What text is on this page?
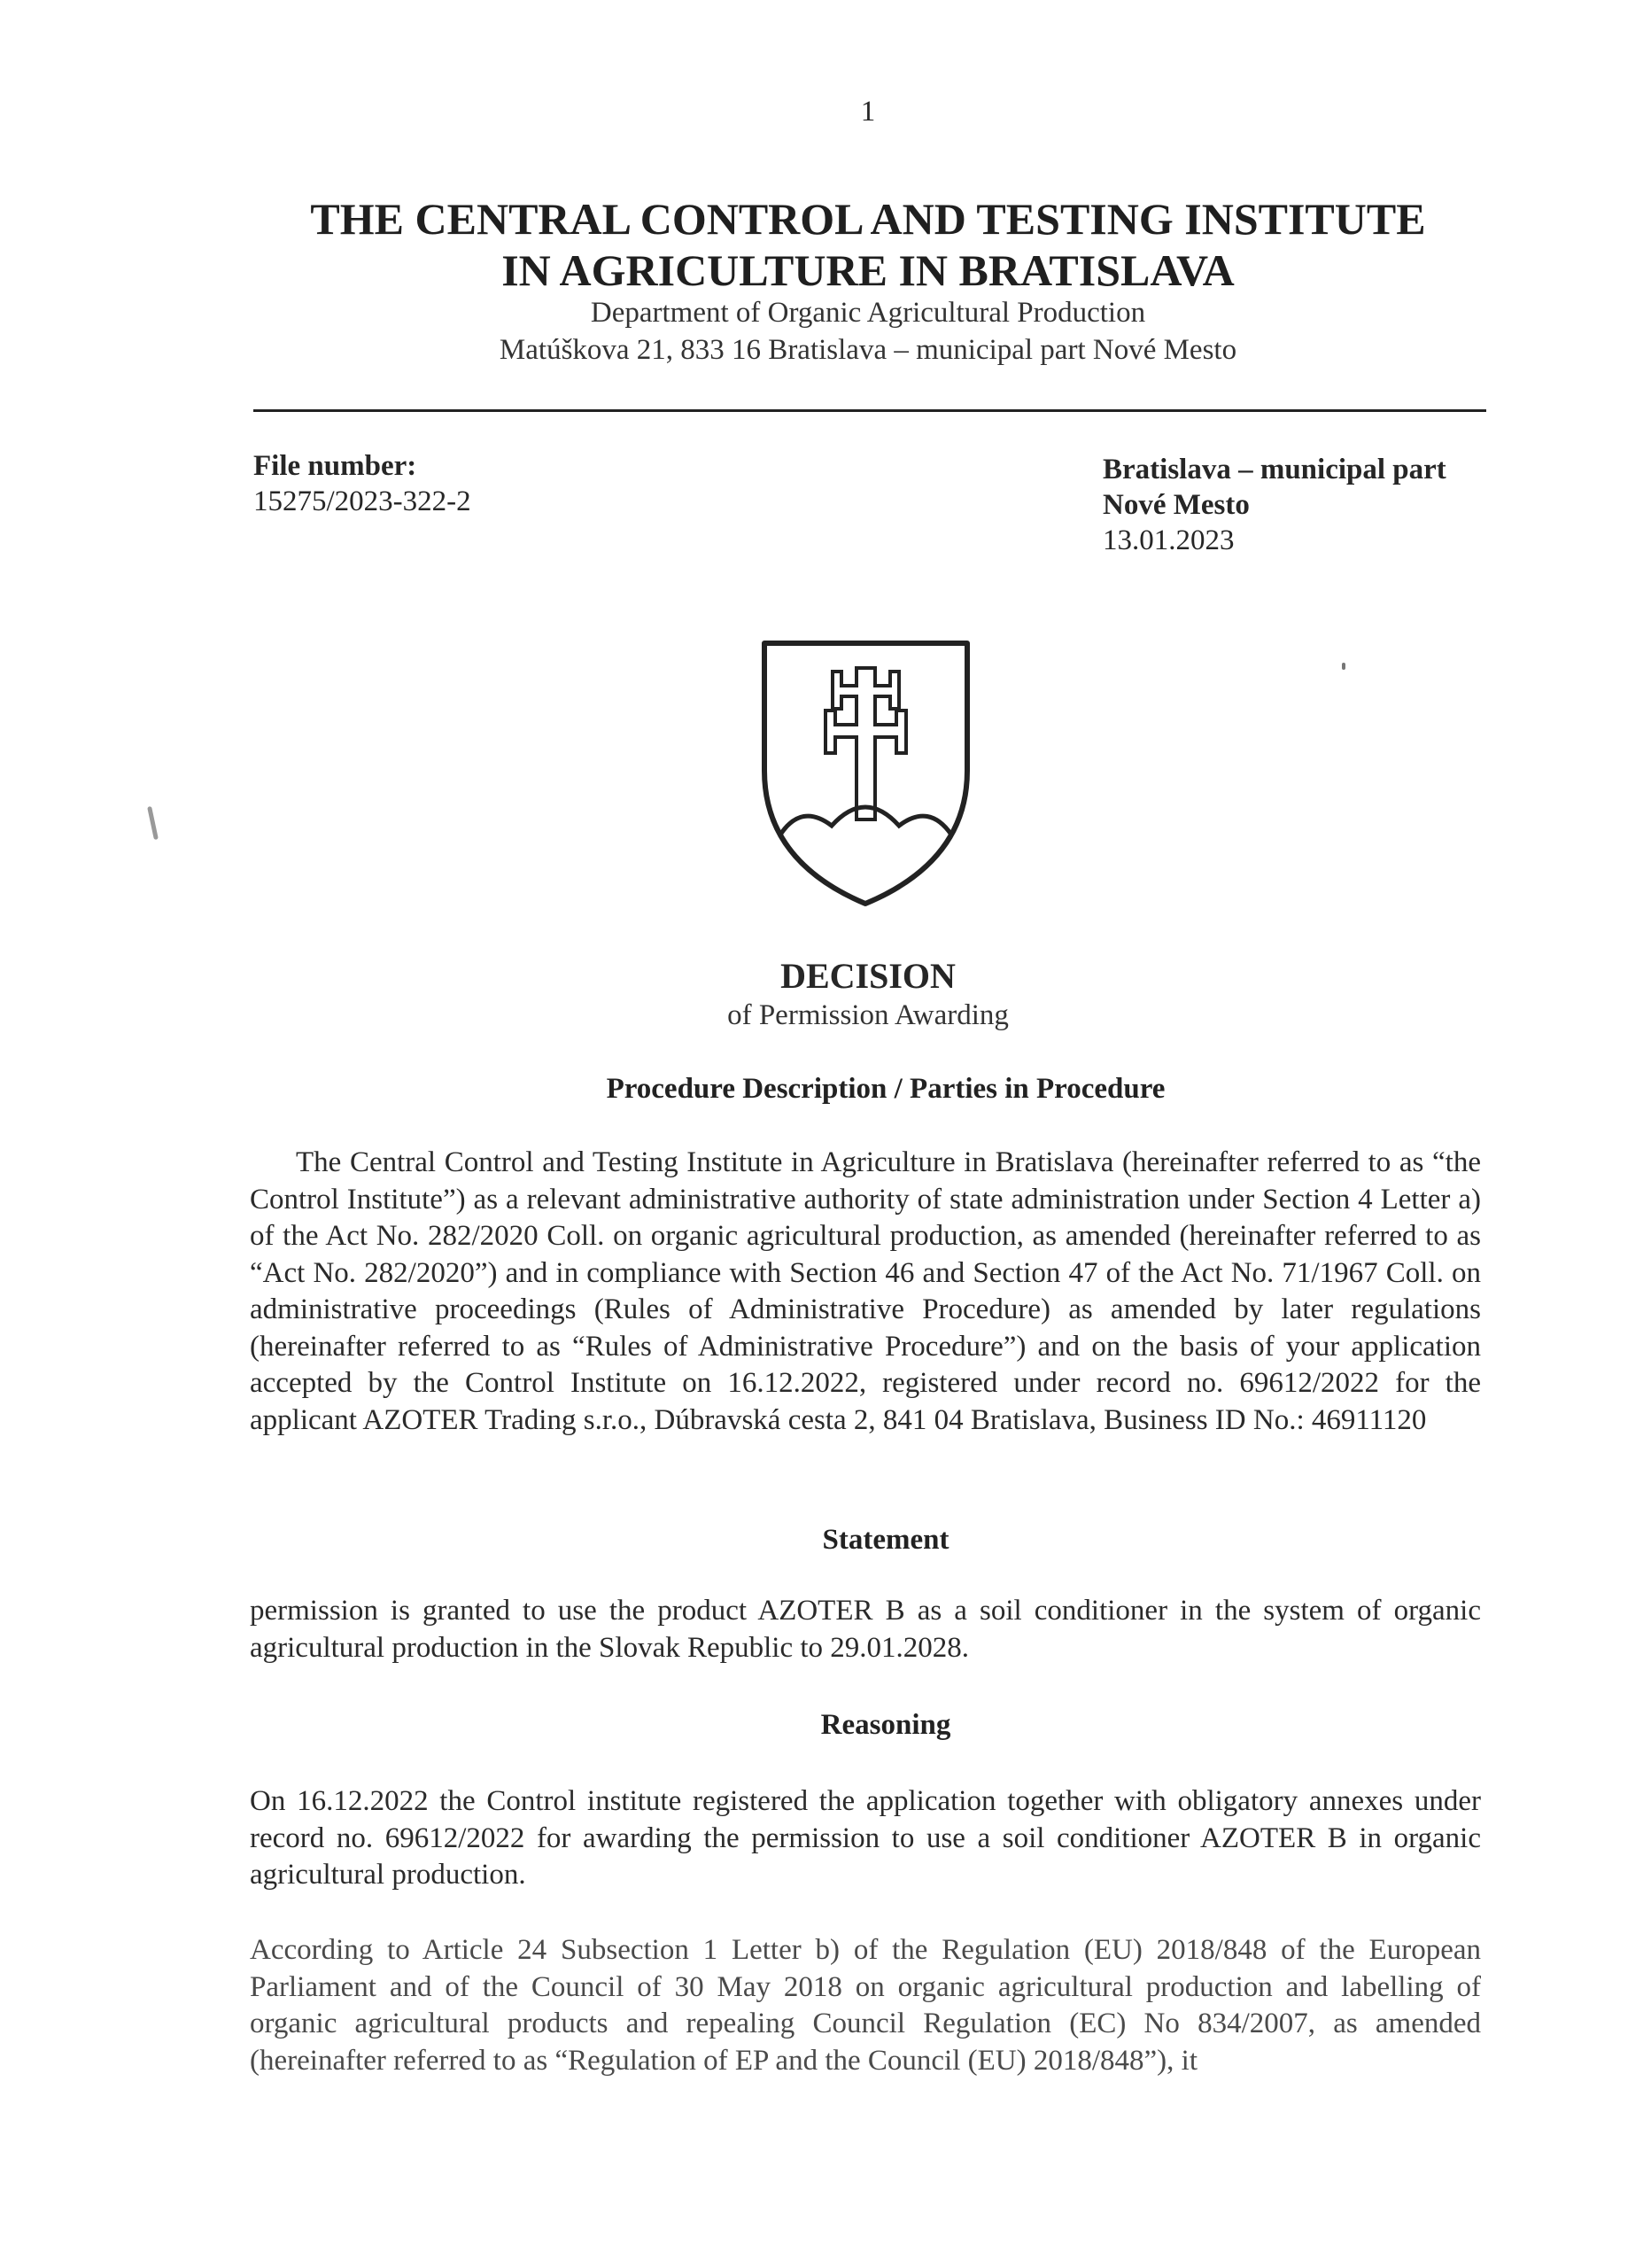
1
THE CENTRAL CONTROL AND TESTING INSTITUTE
IN AGRICULTURE IN BRATISLAVA
Department of Organic Agricultural Production
Matúškova 21, 833 16 Bratislava – municipal part Nové Mesto
File number:
15275/2023-322-2
Bratislava – municipal part
Nové Mesto
13.01.2023
DECISION
of Permission Awarding
Procedure Description / Parties in Procedure
The Central Control and Testing Institute in Agriculture in Bratislava (hereinafter referred to as “the Control Institute”) as a relevant administrative authority of state administration under Section 4 Letter a) of the Act No. 282/2020 Coll. on organic agricultural production, as amended (hereinafter referred to as “Act No. 282/2020”) and in compliance with Section 46 and Section 47 of the Act No. 71/1967 Coll. on administrative proceedings (Rules of Administrative Procedure) as amended by later regulations (hereinafter referred to as “Rules of Administrative Procedure”) and on the basis of your application accepted by the Control Institute on 16.12.2022, registered under record no. 69612/2022 for the applicant AZOTER Trading s.r.o., Dúbravská cesta 2, 841 04 Bratislava, Business ID No.: 46911120
Statement
permission is granted to use the product AZOTER B as a soil conditioner in the system of organic agricultural production in the Slovak Republic to 29.01.2028.
Reasoning
On 16.12.2022 the Control institute registered the application together with obligatory annexes under record no. 69612/2022 for awarding the permission to use a soil conditioner AZOTER B in organic agricultural production.
According to Article 24 Subsection 1 Letter b) of the Regulation (EU) 2018/848 of the European Parliament and of the Council of 30 May 2018 on organic agricultural production and labelling of organic agricultural products and repealing Council Regulation (EC) No 834/2007, as amended (hereinafter referred to as “Regulation of EP and the Council (EU) 2018/848”), it
